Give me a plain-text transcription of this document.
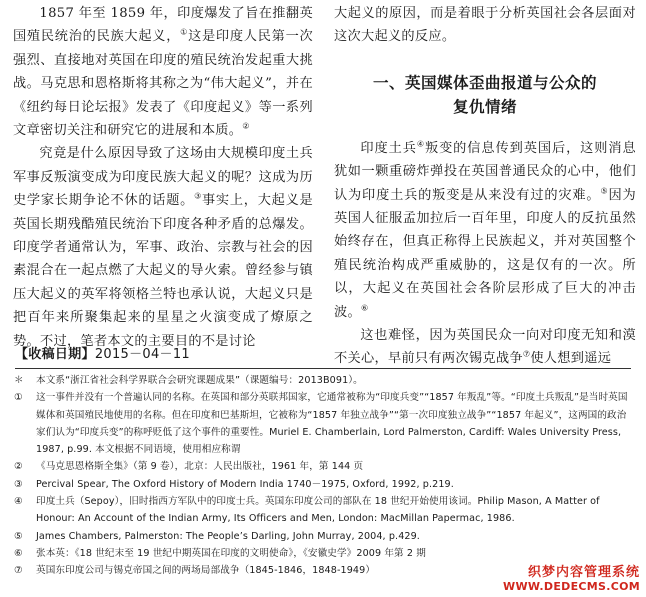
1857 年至 1859 年，印度爆发了旨在推翻英国殖民统治的民族大起义，①这是印度人民第一次强烈、直接地对英国在印度的殖民统治发起重大挑战。马克思和恩格斯将其称之为“伟大起义”，并在《纽约每日论坛报》发表了《印度起义》等一系列文章密切关注和研究它的进展和本质。②

究竟是什么原因导致了这场由大规模印度土兵军事反叛演变成为印度民族大起义的呢？这成为历史学家长期争论不休的话题。③事实上，大起义是英国长期残酷殖民统治下印度各种矛盾的总爆发。印度学者通常认为，军事、政治、宗教与社会的因素混合在一起点燃了大起义的导火索。曾经参与镇压大起义的英军将领格兰特也承认说，大起义只是把百年来所聚集起来的星星之火演变成了燎原之势。不过，笔者本文的主要目的不是讨论

【收稿日期】2015－04－11

大起义的原因，而是着眼于分析英国社会各层面对这次大起义的反应。

一、英国媒体歪曲报道与公众的
复仇情绪

印度土兵④叛变的信息传到英国后，这则消息犹如一颗重磅炸弹投在英国普通民众的心中，他们认为印度土兵的叛变是从来没有过的灾难。⑤因为英国人征服孟加拉后一百年里，印度人的反抗虽然始终存在，但真正称得上民族起义，并对英国整个殖民统治构成严重威胁的，这是仅有的一次。所以，大起义在英国社会各阶层形成了巨大的冲击波。⑥

这也难怪，因为英国民众一向对印度无知和漠不关心，早前只有两次锡克战争⑦使人想到遥远

＊	本文系“浙江省社会科学界联合会研究课题成果”（课题编号：2013B091）。
①	这一事件并没有一个普遍认同的名称。在英国和部分英联邦国家，它通常被称为“印度兵变”“1857 年叛乱”等。“印度土兵叛乱”是当时英国媒体和英国殖民地使用的名称。但在印度和巴基斯坦，它被称为“1857 年独立战争”“第一次印度独立战争”“1857 年起义”，这两国的政治家们认为“印度兵变”的称呼贬低了这个事件的重要性。Muriel E. Chamberlain, Lord Palmerston, Cardiff: Wales University Press, 1987, p.99. 本文根据不同语境，使用相应称谓
②	《马克思恩格斯全集》（第 9 卷），北京：人民出版社，1961 年，第 144 页
③	Percival Spear, The Oxford History of Modern India 1740－1975, Oxford, 1992, p.219.
④	印度土兵（Sepoy），旧时指西方军队中的印度士兵。英国东印度公司的部队在 18 世纪开始使用该词。Philip Mason, A Matter of Honour: An Account of the Indian Army, Its Officers and Men, London: MacMillan Papermac, 1986.
⑤	James Chambers, Palmerston: The People’s Darling, John Murray, 2004, p.429.
⑥	张本英：《18 世纪末至 19 世纪中期英国在印度的文明使命》，《安徽史学》2009 年第 2 期
⑦	英国东印度公司与锡克帝国之间的两场局部战争（1845-1846，1848-1949）	织梦内容管理系统
WWW.DEDECMS.COM
